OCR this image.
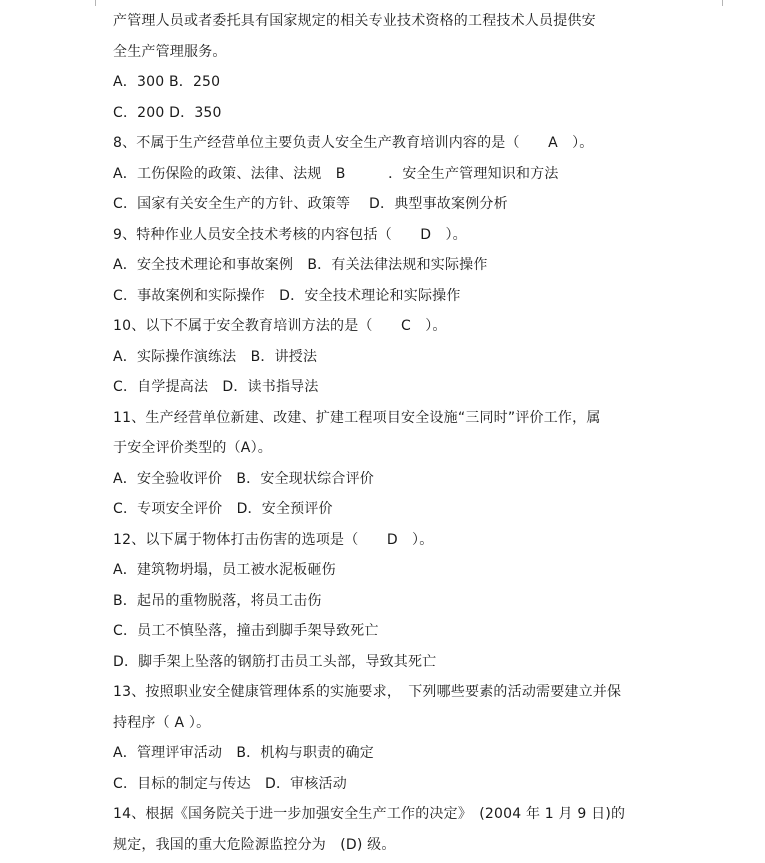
产管理人员或者委托具有国家规定的相关专业技术资格的工程技术人员提供安
全生产管理服务。
A．300 B．250
C．200 D．350
8、不属于生产经营单位主要负责人安全生产教育培训内容的是（　　A　）。
A．工伤保险的政策、法律、法规　B　　　．安全生产管理知识和方法
C．国家有关安全生产的方针、政策等　 D．典型事故案例分析
9、特种作业人员安全技术考核的内容包括（　　D　）。
A．安全技术理论和事故案例　B．有关法律法规和实际操作
C．事故案例和实际操作　D．安全技术理论和实际操作
10、以下不属于安全教育培训方法的是（　　C　）。
A．实际操作演练法　B．讲授法
C．自学提高法　D．读书指导法
11、生产经营单位新建、改建、扩建工程项目安全设施“三同时”评价工作，属
于安全评价类型的（A）。
A．安全验收评价　B．安全现状综合评价
C．专项安全评价　D．安全预评价
12、以下属于物体打击伤害的选项是（　　D　）。
A．建筑物坍塌，员工被水泥板砸伤
B．起吊的重物脱落，将员工击伤
C．员工不慎坠落，撞击到脚手架导致死亡
D．脚手架上坠落的钢筋打击员工头部，导致其死亡
13、按照职业安全健康管理体系的实施要求，　下列哪些要素的活动需要建立并保
持程序（ A ）。
A．管理评审活动　B．机构与职责的确定
C．目标的制定与传达　D．审核活动
14、根据《国务院关于进一步加强安全生产工作的决定》　(2004 年 1 月 9 日)的
规定，我国的重大危险源监控分为　(D) 级。
